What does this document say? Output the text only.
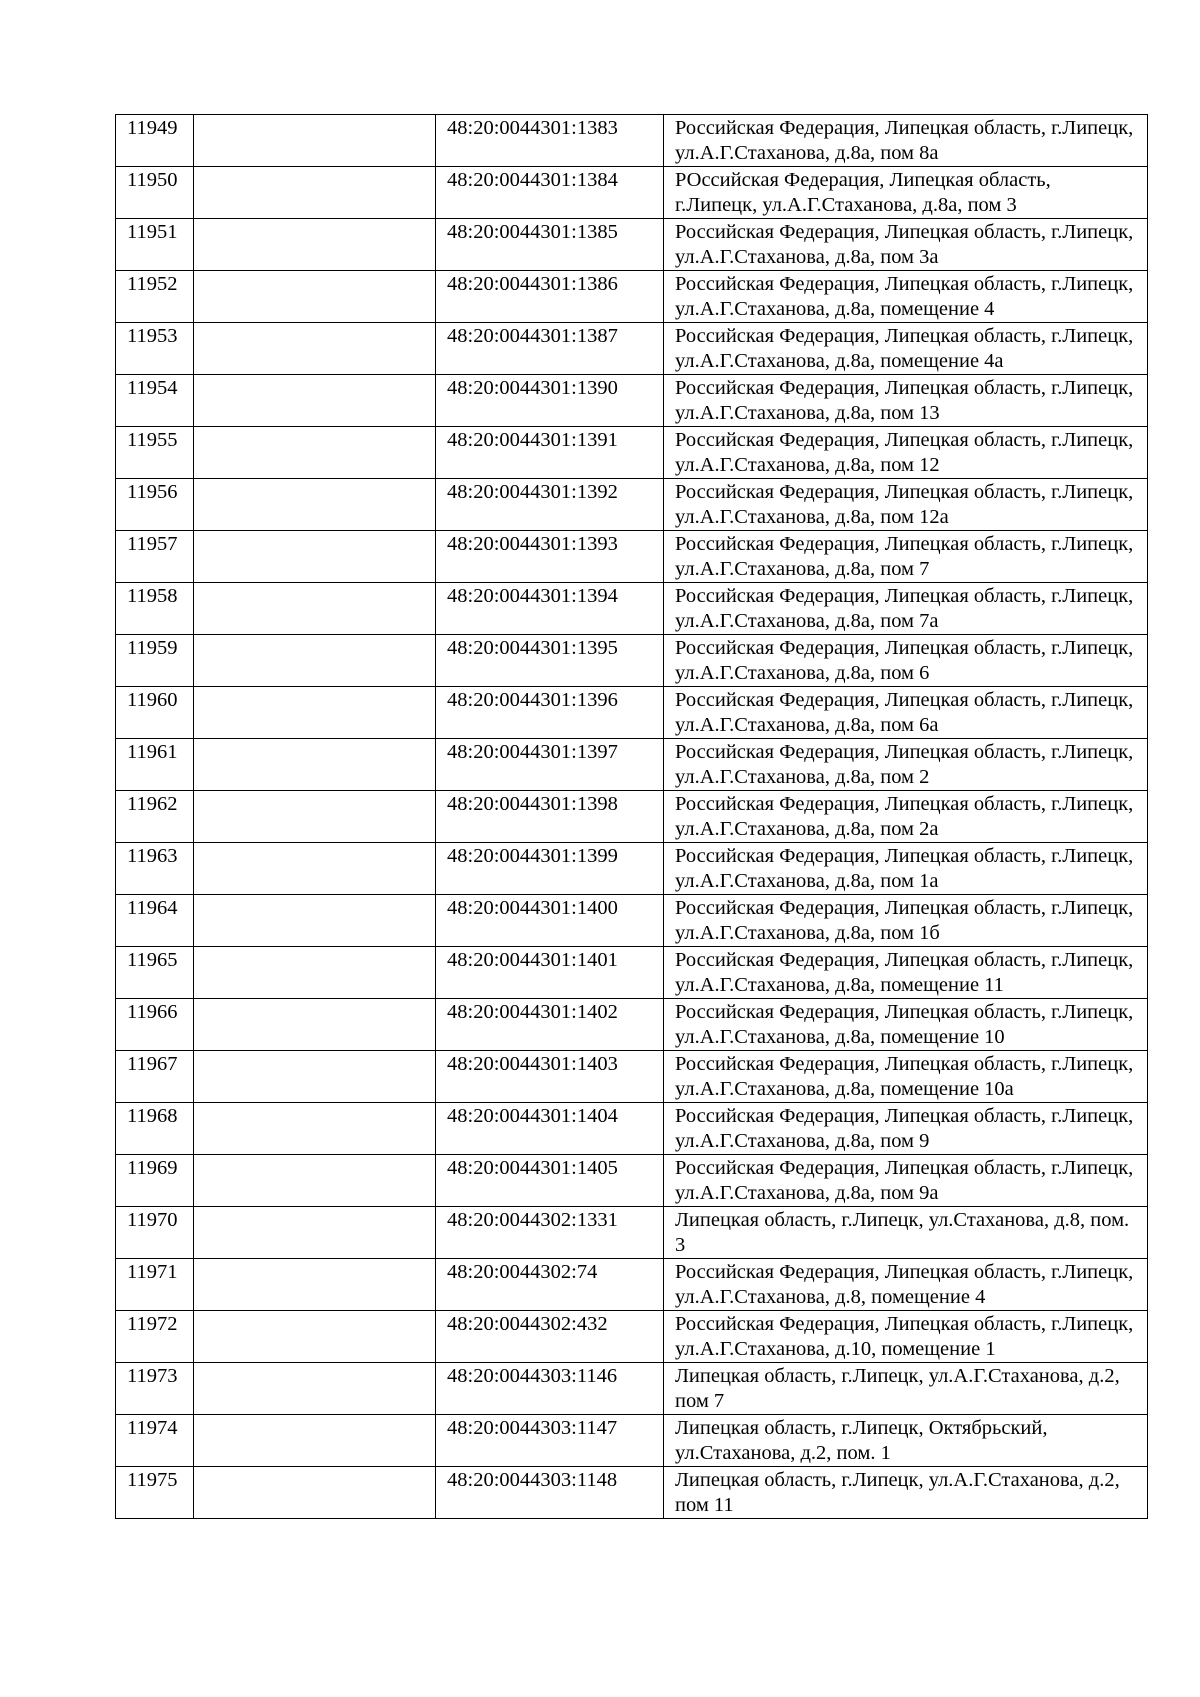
11949		48:20:0044301:1383	Российская Федерация, Липецкая область, г.Липецк, ул.А.Г.Стаханова, д.8а, пом 8а
11950		48:20:0044301:1384	РОссийская Федерация, Липецкая область, г.Липецк, ул.А.Г.Стаханова, д.8а, пом 3
11951		48:20:0044301:1385	Российская Федерация, Липецкая область, г.Липецк, ул.А.Г.Стаханова, д.8а, пом 3а
11952		48:20:0044301:1386	Российская Федерация, Липецкая область, г.Липецк, ул.А.Г.Стаханова, д.8а, помещение 4
11953		48:20:0044301:1387	Российская Федерация, Липецкая область, г.Липецк, ул.А.Г.Стаханова, д.8а, помещение 4а
11954		48:20:0044301:1390	Российская Федерация, Липецкая область, г.Липецк, ул.А.Г.Стаханова, д.8а, пом 13
11955		48:20:0044301:1391	Российская Федерация, Липецкая область, г.Липецк, ул.А.Г.Стаханова, д.8а, пом 12
11956		48:20:0044301:1392	Российская Федерация, Липецкая область, г.Липецк, ул.А.Г.Стаханова, д.8а, пом 12а
11957		48:20:0044301:1393	Российская Федерация, Липецкая область, г.Липецк, ул.А.Г.Стаханова, д.8а, пом 7
11958		48:20:0044301:1394	Российская Федерация, Липецкая область, г.Липецк, ул.А.Г.Стаханова, д.8а, пом 7а
11959		48:20:0044301:1395	Российская Федерация, Липецкая область, г.Липецк, ул.А.Г.Стаханова, д.8а, пом 6
11960		48:20:0044301:1396	Российская Федерация, Липецкая область, г.Липецк, ул.А.Г.Стаханова, д.8а, пом 6а
11961		48:20:0044301:1397	Российская Федерация, Липецкая область, г.Липецк, ул.А.Г.Стаханова, д.8а, пом 2
11962		48:20:0044301:1398	Российская Федерация, Липецкая область, г.Липецк, ул.А.Г.Стаханова, д.8а, пом 2а
11963		48:20:0044301:1399	Российская Федерация, Липецкая область, г.Липецк, ул.А.Г.Стаханова, д.8а, пом 1а
11964		48:20:0044301:1400	Российская Федерация, Липецкая область, г.Липецк, ул.А.Г.Стаханова, д.8а, пом 1б
11965		48:20:0044301:1401	Российская Федерация, Липецкая область, г.Липецк, ул.А.Г.Стаханова, д.8а, помещение 11
11966		48:20:0044301:1402	Российская Федерация, Липецкая область, г.Липецк, ул.А.Г.Стаханова, д.8а, помещение 10
11967		48:20:0044301:1403	Российская Федерация, Липецкая область, г.Липецк, ул.А.Г.Стаханова, д.8а, помещение 10а
11968		48:20:0044301:1404	Российская Федерация, Липецкая область, г.Липецк, ул.А.Г.Стаханова, д.8а, пом 9
11969		48:20:0044301:1405	Российская Федерация, Липецкая область, г.Липецк, ул.А.Г.Стаханова, д.8а, пом 9а
11970		48:20:0044302:1331	Липецкая область, г.Липецк, ул.Стаханова, д.8, пом. 3
11971		48:20:0044302:74	Российская Федерация, Липецкая область, г.Липецк, ул.А.Г.Стаханова, д.8, помещение 4
11972		48:20:0044302:432	Российская Федерация, Липецкая область, г.Липецк, ул.А.Г.Стаханова, д.10, помещение 1
11973		48:20:0044303:1146	Липецкая область, г.Липецк, ул.А.Г.Стаханова, д.2, пом 7
11974		48:20:0044303:1147	Липецкая область, г.Липецк, Октябрьский, ул.Стаханова, д.2, пом. 1
11975		48:20:0044303:1148	Липецкая область, г.Липецк, ул.А.Г.Стаханова, д.2, пом 11
